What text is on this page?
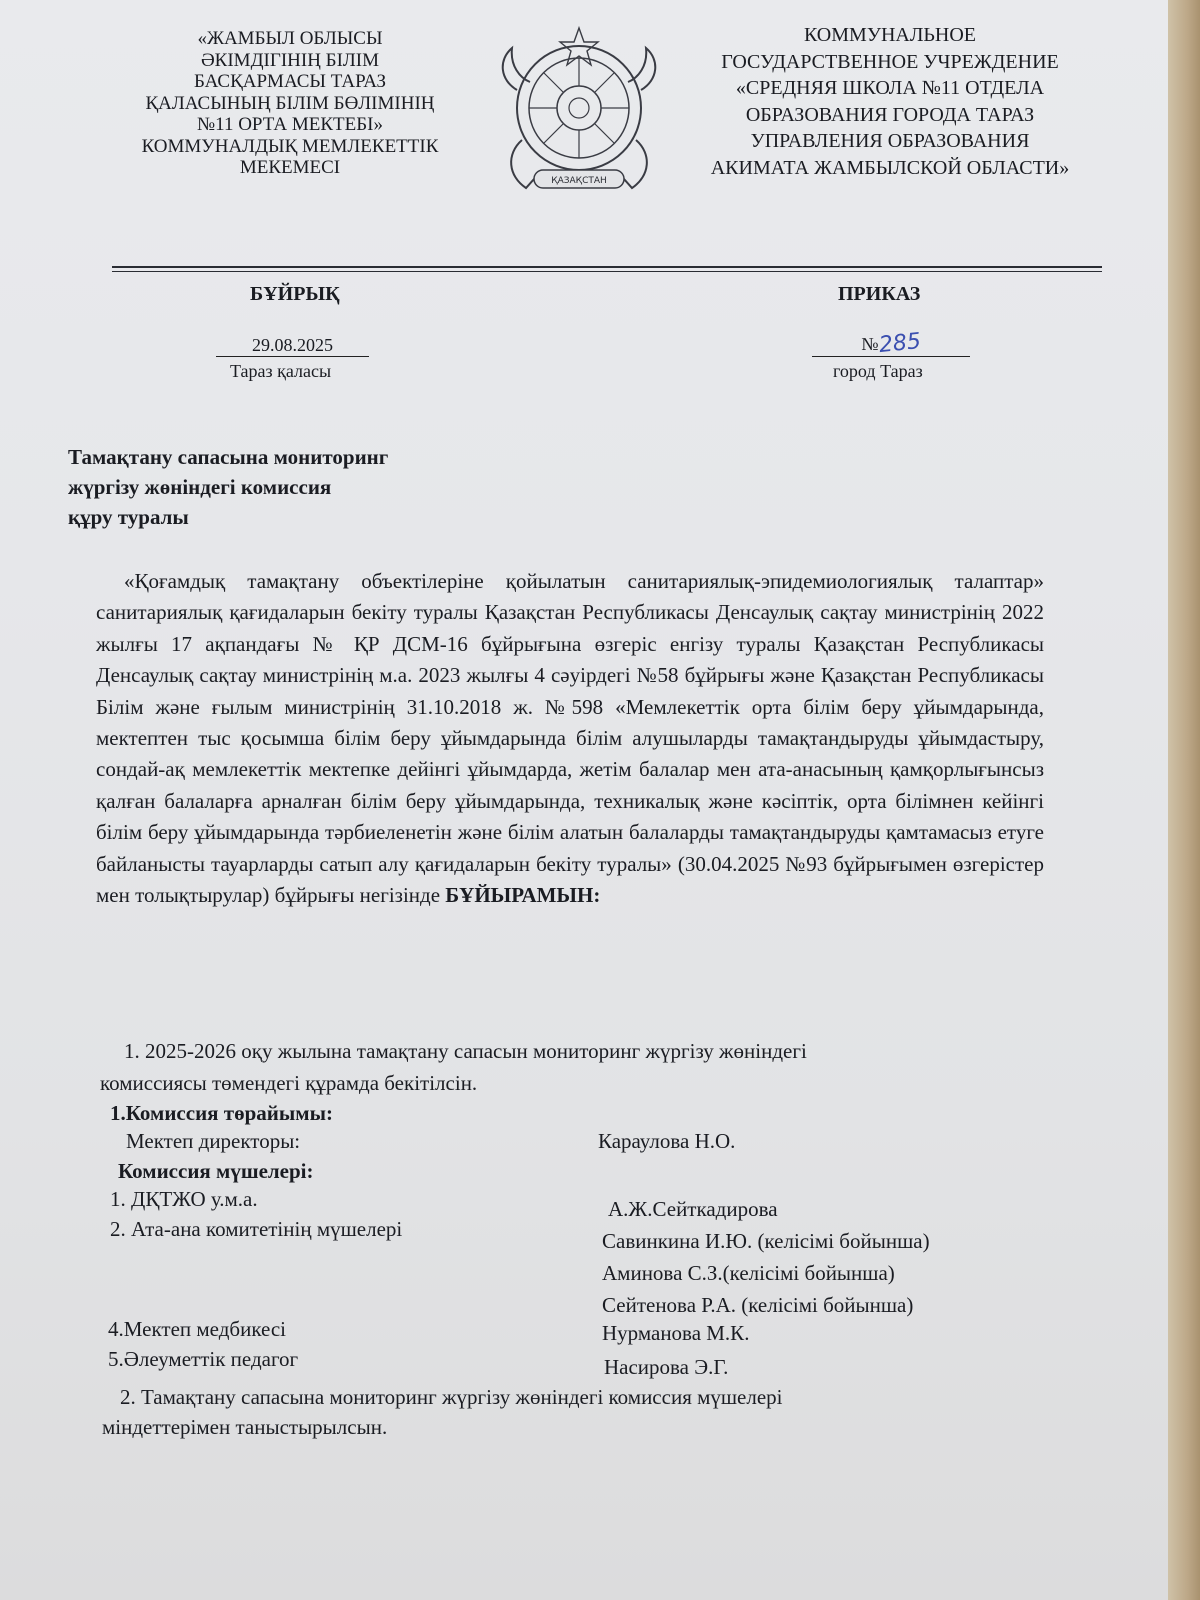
«ЖАМБЫЛ ОБЛЫСЫ
ӘКІМДІГІНІҢ БІЛІМ
БАСҚАРМАСЫ ТАРАЗ
ҚАЛАСЫНЫҢ БІЛІМ БӨЛІМІНІҢ
№11 ОРТА МЕКТЕБІ»
КОММУНАЛДЫҚ МЕМЛЕКЕТТІК
МЕКЕМЕСІ
ҚАЗАҚСТАН
КОММУНАЛЬНОЕ
ГОСУДАРСТВЕННОЕ УЧРЕЖДЕНИЕ
«СРЕДНЯЯ ШКОЛА №11 ОТДЕЛА
ОБРАЗОВАНИЯ ГОРОДА ТАРАЗ
УПРАВЛЕНИЯ ОБРАЗОВАНИЯ
АКИМАТА ЖАМБЫЛСКОЙ ОБЛАСТИ»
БҰЙРЫҚ	ПРИКАЗ
29.08.2025	№285
Тараз қаласы	город Тараз
Тамақтану сапасына мониторинг
жүргізу жөніндегі комиссия
құру туралы
«Қоғамдық тамақтану объектілеріне қойылатын санитариялық-эпидемиологиялық талаптар» санитариялық қағидаларын бекіту туралы Қазақстан Республикасы Денсаулық сақтау министрінің 2022 жылғы 17 ақпандағы № ҚР ДСМ-16 бұйрығына өзгеріс енгізу туралы Қазақстан Республикасы Денсаулық сақтау министрінің м.а. 2023 жылғы 4 сәуірдегі №58 бұйрығы және Қазақстан Республикасы Білім және ғылым министрінің 31.10.2018 ж. №598 «Мемлекеттік орта білім беру ұйымдарында, мектептен тыс қосымша білім беру ұйымдарында білім алушыларды тамақтандыруды ұйымдастыру, сондай-ақ мемлекеттік мектепке дейінгі ұйымдарда, жетім балалар мен ата-анасының қамқорлығынсыз қалған балаларға арналған білім беру ұйымдарында, техникалық және кәсіптік, орта білімнен кейінгі білім беру ұйымдарында тәрбиеленетін және білім алатын балаларды тамақтандыруды қамтамасыз етуге байланысты тауарларды сатып алу қағидаларын бекіту туралы» (30.04.2025 №93 бұйрығымен өзгерістер мен толықтырулар) бұйрығы негізінде БҰЙЫРАМЫН:
1. 2025-2026 оқу жылына тамақтану сапасын мониторинг жүргізу жөніндегі
комиссиясы төмендегі құрамда бекітілсін.
1.Комиссия төрайымы:
Мектеп директоры:	Караулова Н.О.
Комиссия мүшелері:
1. ДҚТЖО у.м.а.	А.Ж.Сейткадирова
2. Ата-ана комитетінің мүшелері	Савинкина И.Ю. (келісімі бойынша)
Аминова С.З.(келісімі бойынша)
Сейтенова Р.А. (келісімі бойынша)
4.Мектеп медбикесі	Нурманова М.К.
5.Әлеуметтік педагог	Насирова Э.Г.
2. Тамақтану сапасына мониторинг жүргізу жөніндегі комиссия мүшелері
міндеттерімен таныстырылсын.
